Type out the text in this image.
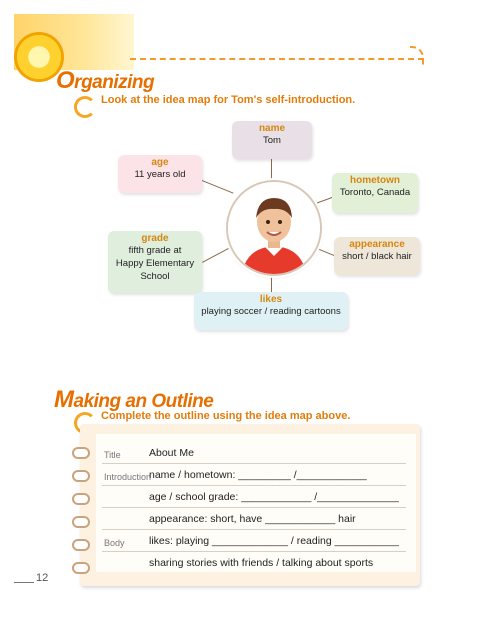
Organizing
Look at the idea map for Tom's self-introduction.
name
Tom
age
11 years old
hometown
Toronto, Canada
grade
fifth grade at
Happy Elementary
School
appearance
short / black hair
likes
playing soccer / reading cartoons
Making an Outline
Complete the outline using the idea map above.
Title	About Me
Introduction
name / hometown: _________ /____________
age / school grade: ____________ /______________
appearance: short, have ____________ hair
Body likes: playing _____________ / reading ___________
sharing stories with friends / talking about sports
12
